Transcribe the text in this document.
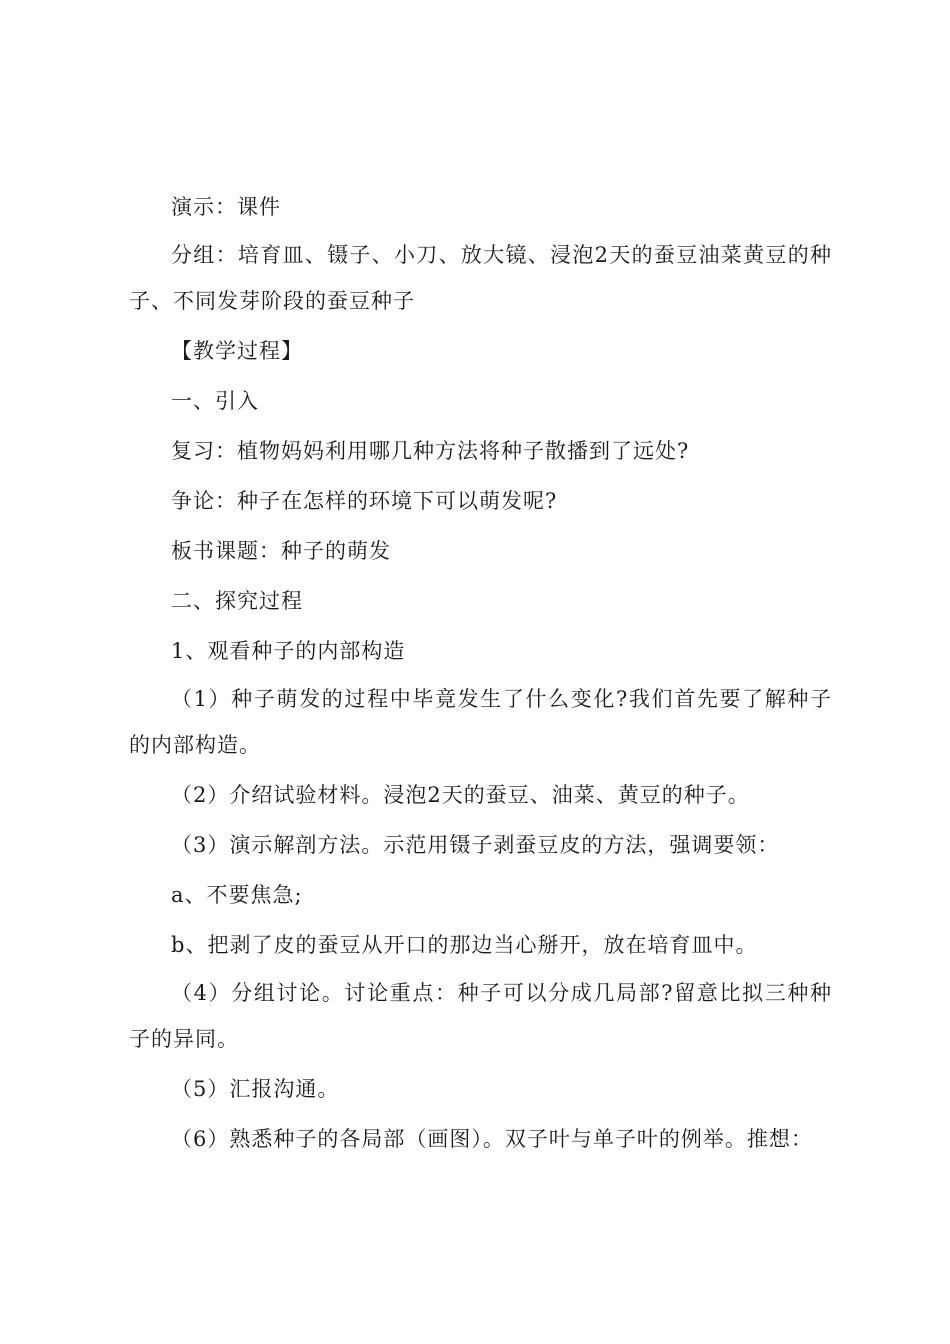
演示：课件

分组：培育皿、镊子、小刀、放大镜、浸泡2天的蚕豆油菜黄豆的种子、不同发芽阶段的蚕豆种子

【教学过程】

一、引入

复习：植物妈妈利用哪几种方法将种子散播到了远处?

争论：种子在怎样的环境下可以萌发呢?

板书课题：种子的萌发

二、探究过程

1、观看种子的内部构造

（1）种子萌发的过程中毕竟发生了什么变化?我们首先要了解种子的内部构造。

（2）介绍试验材料。浸泡2天的蚕豆、油菜、黄豆的种子。

（3）演示解剖方法。示范用镊子剥蚕豆皮的方法，强调要领：

a、不要焦急;

b、把剥了皮的蚕豆从开口的那边当心掰开，放在培育皿中。

（4）分组讨论。讨论重点：种子可以分成几局部?留意比拟三种种子的异同。

（5）汇报沟通。

（6）熟悉种子的各局部（画图）。双子叶与单子叶的例举。推想：
